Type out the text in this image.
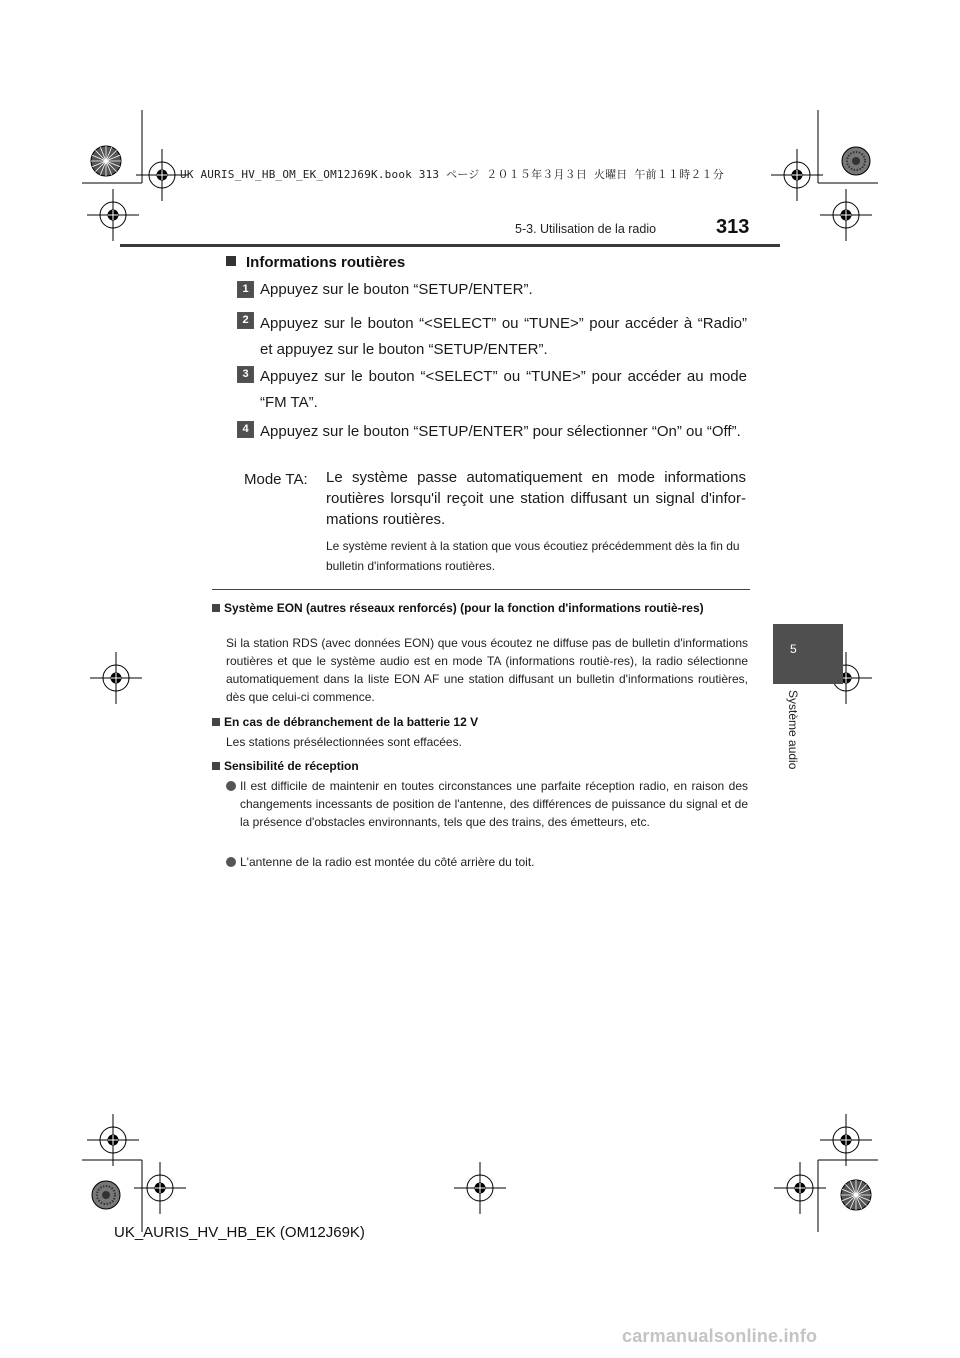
UK AURIS_HV_HB_OM_EK_OM12J69K.book 313 ページ ２０１５年３月３日 火曜日 午前１１時２１分
5-3. Utilisation de la radio	313
5
Système audio
Informations routières
1 Appuyez sur le bouton “SETUP/ENTER”.
2 Appuyez sur le bouton “<SELECT” ou “TUNE>” pour accéder à “Radio” et appuyez sur le bouton “SETUP/ENTER”.
3 Appuyez sur le bouton “<SELECT” ou “TUNE>” pour accéder au mode “FM TA”.
4 Appuyez sur le bouton “SETUP/ENTER” pour sélectionner “On” ou “Off”.
Mode TA: Le système passe automatiquement en mode informations routières lorsqu'il reçoit une station diffusant un signal d'infor-mations routières.
Le système revient à la station que vous écoutiez précédemment dès la fin du bulletin d'informations routières.
Système EON (autres réseaux renforcés) (pour la fonction d'informations routiè-res)
Si la station RDS (avec données EON) que vous écoutez ne diffuse pas de bulletin d'informations routières et que le système audio est en mode TA (informations routiè-res), la radio sélectionne automatiquement dans la liste EON AF une station diffusant un bulletin d'informations routières, dès que celui-ci commence.
En cas de débranchement de la batterie 12 V
Les stations présélectionnées sont effacées.
Sensibilité de réception
Il est difficile de maintenir en toutes circonstances une parfaite réception radio, en raison des changements incessants de position de l'antenne, des différences de puissance du signal et de la présence d'obstacles environnants, tels que des trains, des émetteurs, etc.
L'antenne de la radio est montée du côté arrière du toit.
UK_AURIS_HV_HB_EK (OM12J69K)
carmanualsonline.info
